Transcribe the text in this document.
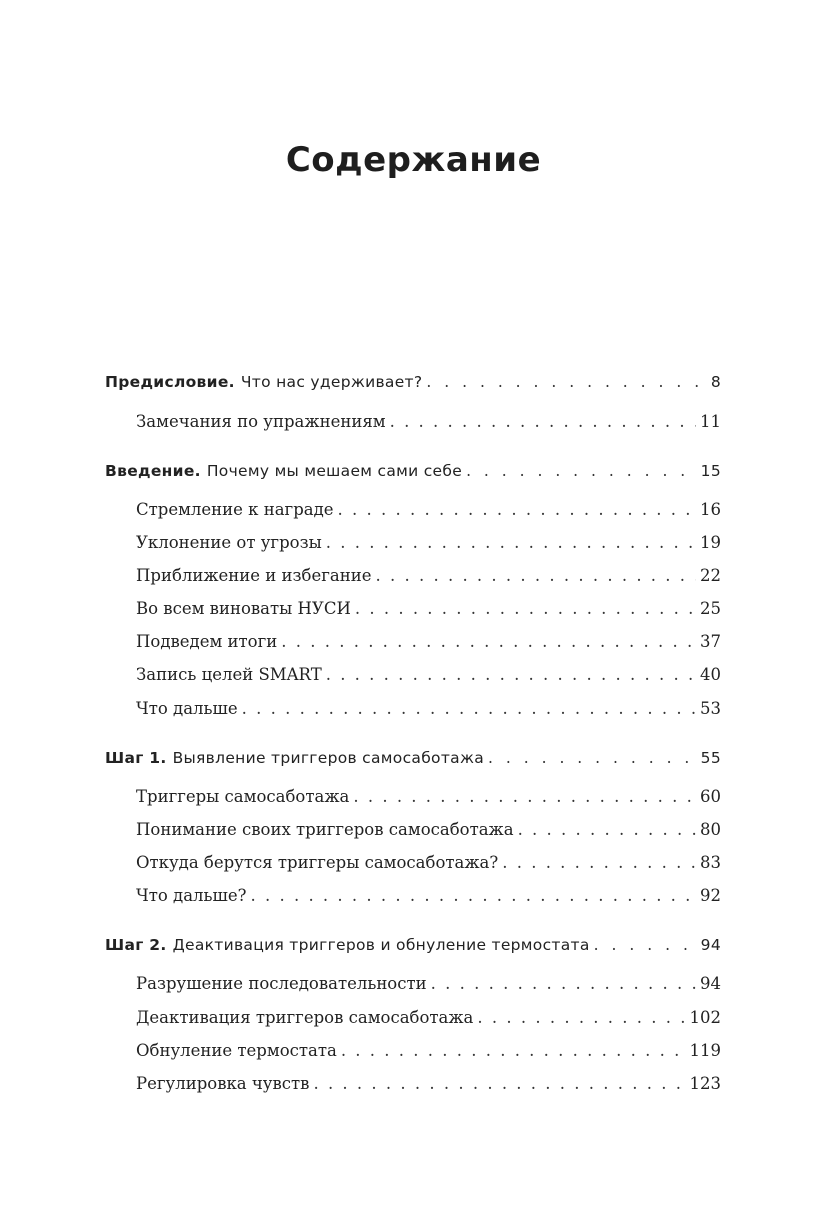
Содержание
Предисловие. Что нас удерживает? . . .	8
Замечания по упражнениям . . .	11
Введение. Почему мы мешаем сами себе . . .	15
Стремление к награде . . .	16
Уклонение от угрозы . . .	19
Приближение и избегание . . .	22
Во всем виноваты НУСИ . . .	25
Подведем итоги . . .	37
Запись целей SMART . . .	40
Что дальше . . .	53
Шаг 1. Выявление триггеров самосаботажа . . .	55
Триггеры самосаботажа . . .	60
Понимание своих триггеров самосаботажа . . .	80
Откуда берутся триггеры самосаботажа? . . .	83
Что дальше? . . .	92
Шаг 2. Деактивация триггеров и обнуление термостата . . .	94
Разрушение последовательности . . .	94
Деактивация триггеров самосаботажа . . .	102
Обнуление термостата . . .	119
Регулировка чувств . . .	123
